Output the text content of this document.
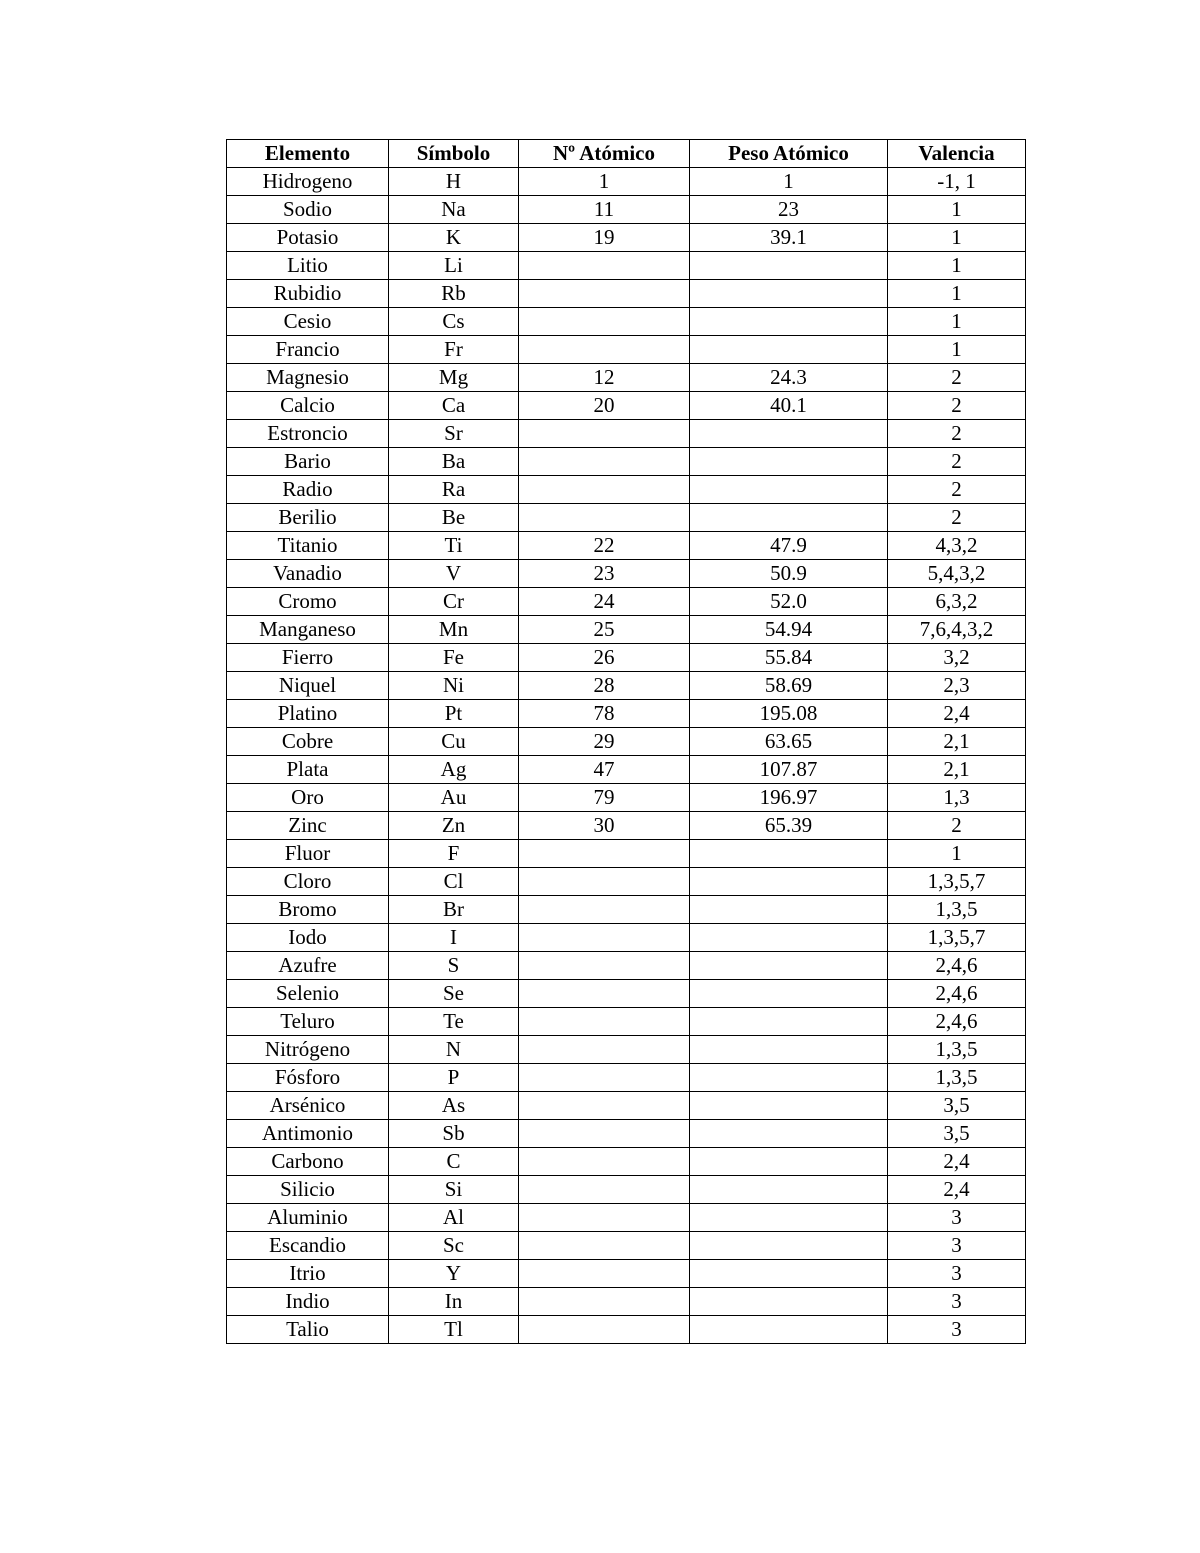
Elemento	Símbolo	Nº Atómico	Peso Atómico	Valencia
Hidrogeno	H	1	1	-1, 1
Sodio	Na	11	23	1
Potasio	K	19	39.1	1
Litio	Li			1
Rubidio	Rb			1
Cesio	Cs			1
Francio	Fr			1
Magnesio	Mg	12	24.3	2
Calcio	Ca	20	40.1	2
Estroncio	Sr			2
Bario	Ba			2
Radio	Ra			2
Berilio	Be			2
Titanio	Ti	22	47.9	4,3,2
Vanadio	V	23	50.9	5,4,3,2
Cromo	Cr	24	52.0	6,3,2
Manganeso	Mn	25	54.94	7,6,4,3,2
Fierro	Fe	26	55.84	3,2
Niquel	Ni	28	58.69	2,3
Platino	Pt	78	195.08	2,4
Cobre	Cu	29	63.65	2,1
Plata	Ag	47	107.87	2,1
Oro	Au	79	196.97	1,3
Zinc	Zn	30	65.39	2
Fluor	F			1
Cloro	Cl			1,3,5,7
Bromo	Br			1,3,5
Iodo	I			1,3,5,7
Azufre	S			2,4,6
Selenio	Se			2,4,6
Teluro	Te			2,4,6
Nitrógeno	N			1,3,5
Fósforo	P			1,3,5
Arsénico	As			3,5
Antimonio	Sb			3,5
Carbono	C			2,4
Silicio	Si			2,4
Aluminio	Al			3
Escandio	Sc			3
Itrio	Y			3
Indio	In			3
Talio	Tl			3
